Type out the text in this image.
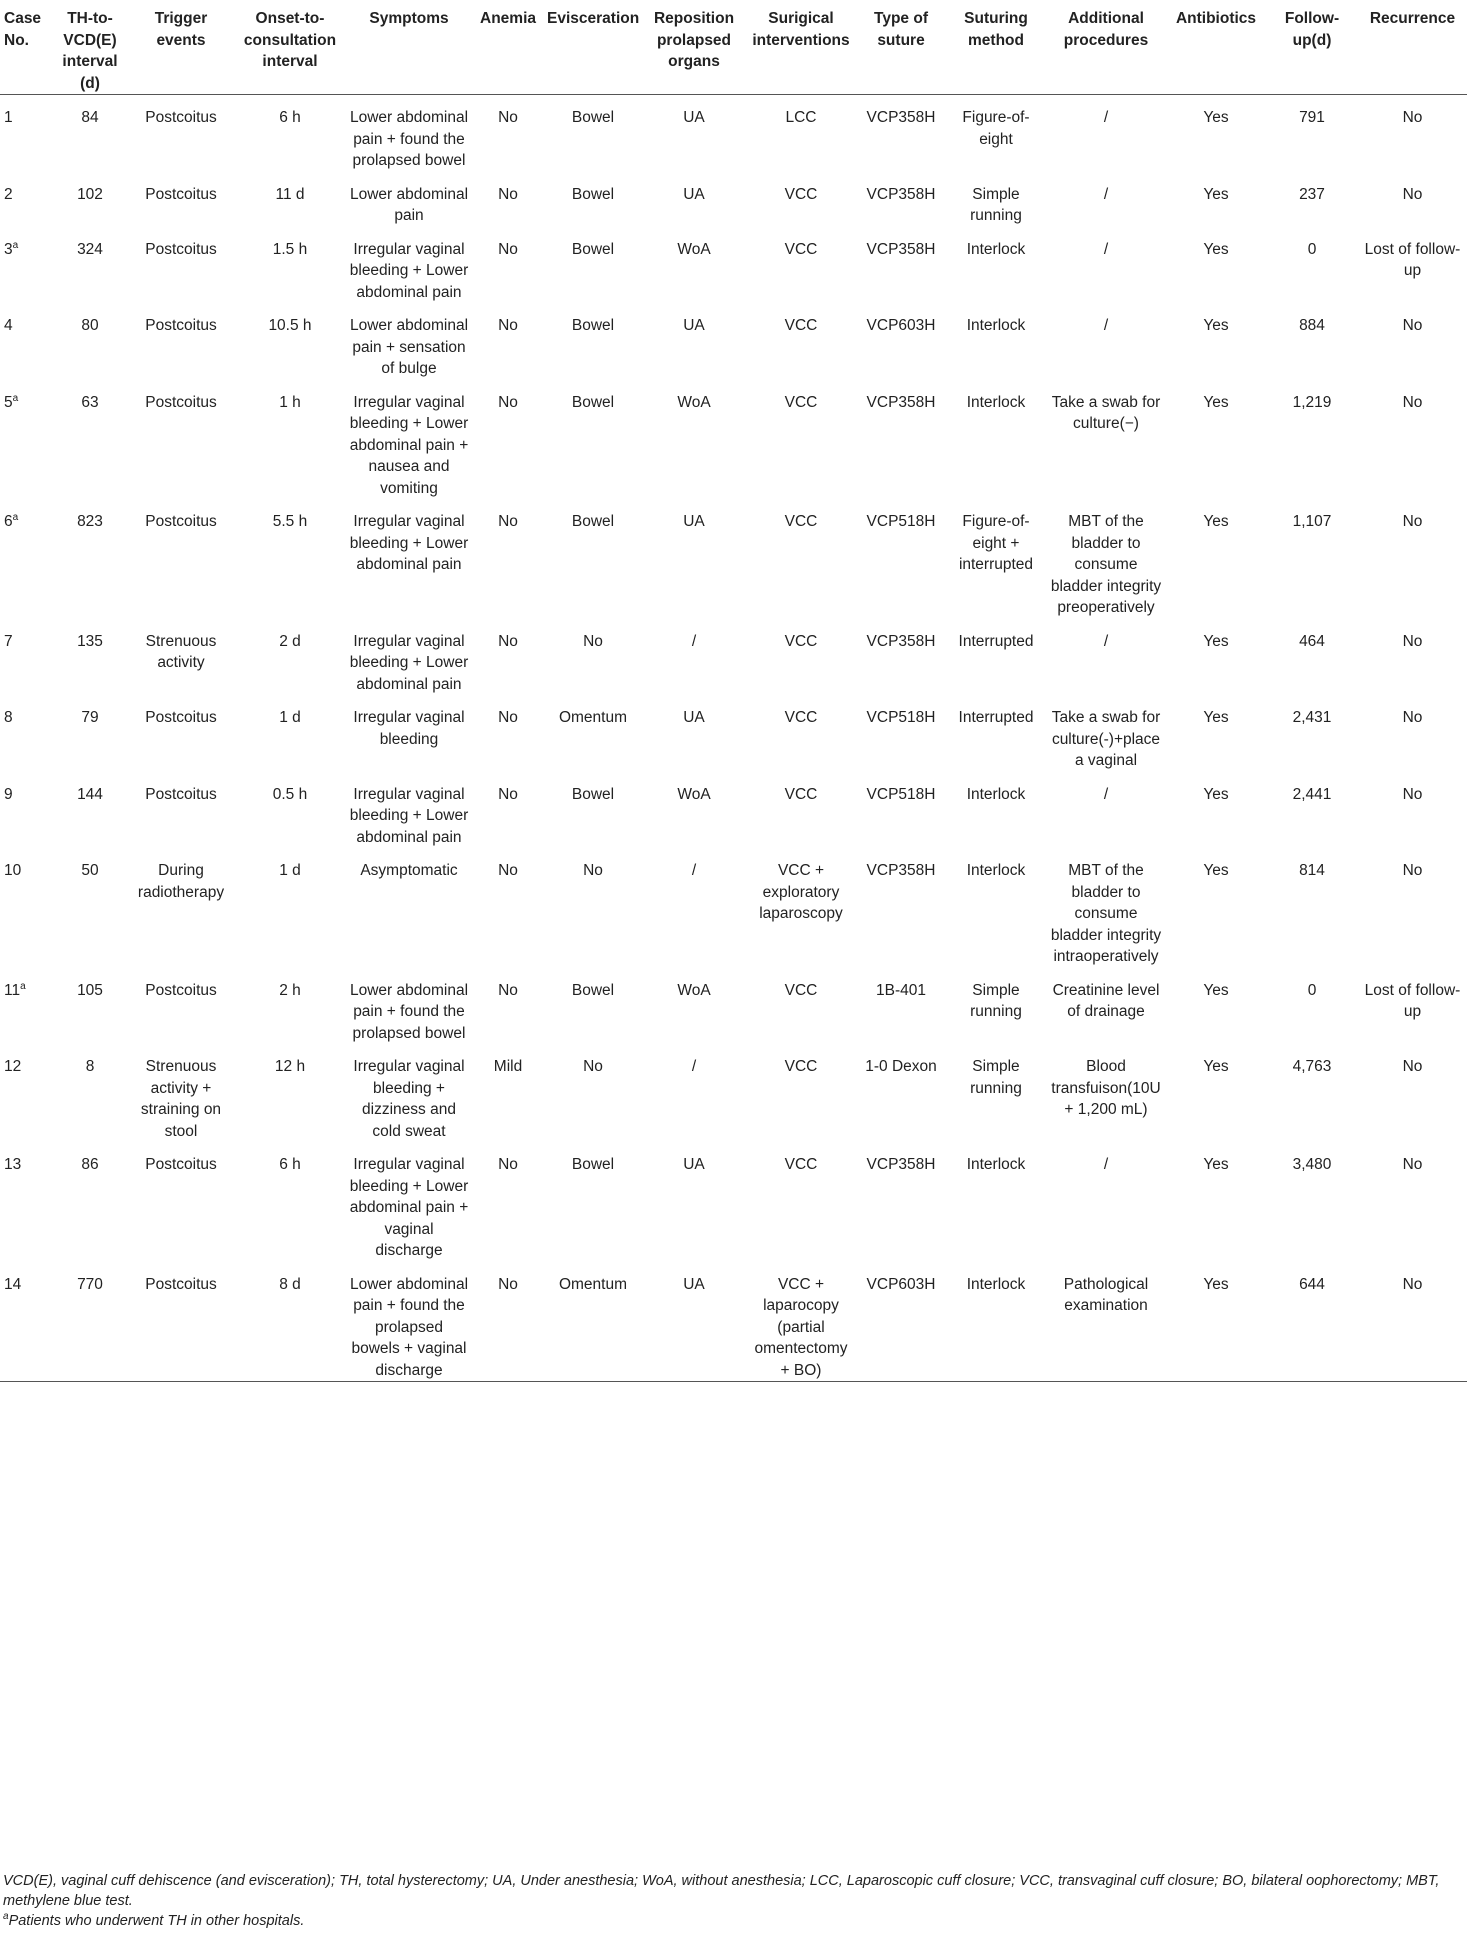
Case No.	TH-to-VCD(E) interval (d)	Trigger events	Onset-to-consultation interval	Symptoms	Anemia	Evisceration	Reposition prolapsed organs	Surigical interventions	Type of suture	Suturing method	Additional procedures	Antibiotics	Follow-up(d)	Recurrence
1	84	Postcoitus	6 h	Lower abdominal pain + found the prolapsed bowel	No	Bowel	UA	LCC	VCP358H	Figure-of-eight	/	Yes	791	No
2	102	Postcoitus	11 d	Lower abdominal pain	No	Bowel	UA	VCC	VCP358H	Simple running	/	Yes	237	No
3$^a$	324	Postcoitus	1.5 h	Irregular vaginal bleeding + Lower abdominal pain	No	Bowel	WoA	VCC	VCP358H	Interlock	/	Yes	0	Lost of follow-up
4	80	Postcoitus	10.5 h	Lower abdominal pain + sensation of bulge	No	Bowel	UA	VCC	VCP603H	Interlock	/	Yes	884	No
5$^a$	63	Postcoitus	1 h	Irregular vaginal bleeding + Lower abdominal pain + nausea and vomiting	No	Bowel	WoA	VCC	VCP358H	Interlock	Take a swab for culture(−)	Yes	1,219	No
6$^a$	823	Postcoitus	5.5 h	Irregular vaginal bleeding + Lower abdominal pain	No	Bowel	UA	VCC	VCP518H	Figure-of-eight + interrupted	MBT of the bladder to consume bladder integrity preoperatively	Yes	1,107	No
7	135	Strenuous activity	2 d	Irregular vaginal bleeding + Lower abdominal pain	No	No	/	VCC	VCP358H	Interrupted	/	Yes	464	No
8	79	Postcoitus	1 d	Irregular vaginal bleeding	No	Omentum	UA	VCC	VCP518H	Interrupted	Take a swab for culture(-)+place a vaginal	Yes	2,431	No
9	144	Postcoitus	0.5 h	Irregular vaginal bleeding + Lower abdominal pain	No	Bowel	WoA	VCC	VCP518H	Interlock	/	Yes	2,441	No
10	50	During radiotherapy	1 d	Asymptomatic	No	No	/	VCC + exploratory laparoscopy	VCP358H	Interlock	MBT of the bladder to consume bladder integrity intraoperatively	Yes	814	No
11$^a$	105	Postcoitus	2 h	Lower abdominal pain + found the prolapsed bowel	No	Bowel	WoA	VCC	1B-401	Simple running	Creatinine level of drainage	Yes	0	Lost of follow-up
12	8	Strenuous activity + straining on stool	12 h	Irregular vaginal bleeding + dizziness and cold sweat	Mild	No	/	VCC	1-0 Dexon	Simple running	Blood transfuison(10U + 1,200 mL)	Yes	4,763	No
13	86	Postcoitus	6 h	Irregular vaginal bleeding + Lower abdominal pain + vaginal discharge	No	Bowel	UA	VCC	VCP358H	Interlock	/	Yes	3,480	No
14	770	Postcoitus	8 d	Lower abdominal pain + found the prolapsed bowels + vaginal discharge	No	Omentum	UA	VCC + laparocopy (partial omentectomy + BO)	VCP603H	Interlock	Pathological examination	Yes	644	No

VCD(E), vaginal cuff dehiscence (and evisceration); TH, total hysterectomy; UA, Under anesthesia; WoA, without anesthesia; LCC, Laparoscopic cuff closure; VCC, transvaginal cuff closure; BO, bilateral oophorectomy; MBT, methylene blue test.

$^a$Patients who underwent TH in other hospitals.
